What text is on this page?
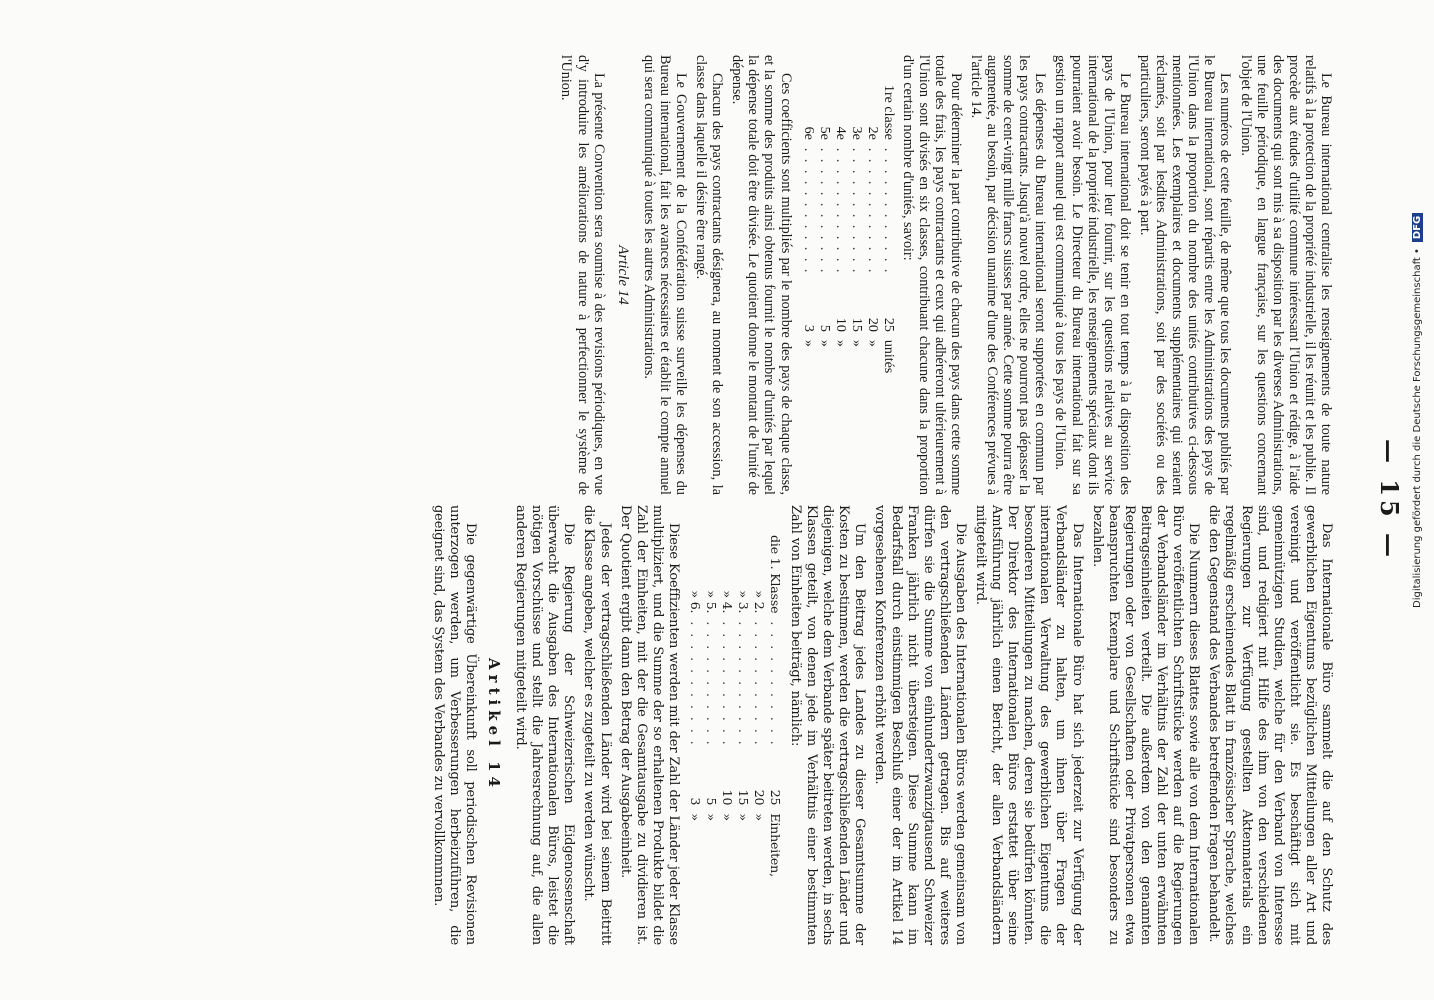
— 15 —

Le Bureau international centralise les renseignements de toute nature relatifs à la protection de la propriété industrielle, il les réunit et les publie. Il procède aux études d'utilité commune intéressant l'Union et rédige, à l'aide des documents qui sont mis à sa disposition par les diverses Administrations, une feuille périodique, en langue française, sur les questions concernant l'objet de l'Union.

Les numéros de cette feuille, de même que tous les documents publiés par le Bureau international, sont répartis entre les Administrations des pays de l'Union dans la proportion du nombre des unités contributives ci-dessous mentionnées. Les exemplaires et documents supplémentaires qui seraient réclamés, soit par lesdites Administrations, soit par des sociétés ou des particuliers, seront payés à part.

Le Bureau international doit se tenir en tout temps à la disposition des pays de l'Union, pour leur fournir, sur les questions relatives au service international de la propriété industrielle, les renseignements spéciaux dont ils pourraient avoir besoin. Le Directeur du Bureau international fait sur sa gestion un rapport annuel qui est communiqué à tous les pays de l'Union.

Les dépenses du Bureau international seront supportées en commun par les pays contractants. Jusqu'à nouvel ordre, elles ne pourront pas dépasser la somme de cent-vingt mille francs suisses par année. Cette somme pourra être augmentée, au besoin, par décision unanime d'une des Conférences prévues à l'article 14.

Pour déterminer la part contributive de chacun des pays dans cette somme totale des frais, les pays contractants et ceux qui adhéreront ultérieurement à l'Union sont divisés en six classes, contribuant chacune dans la proportion d'un certain nombre d'unités, savoir:

1re classe	. . . . . . . . . . . .	25	unités
2e	. . . . . . . . . . . .	20	»
3e	. . . . . . . . . . . .	15	»
4e	. . . . . . . . . . . .	10	»
5e	. . . . . . . . . . . .	5	»
6e	. . . . . . . . . . . .	3	»

Ces coefficients sont multipliés par le nombre des pays de chaque classe, et la somme des produits ainsi obtenus fournit le nombre d'unités par lequel la dépense totale doit être divisée. Le quotient donne le montant de l'unité de dépense.

Chacun des pays contractants désignera, au moment de son accession, la classe dans laquelle il désire être rangé.

Le Gouvernement de la Confédération suisse surveille les dépenses du Bureau international, fait les avances nécessaires et établit le compte annuel qui sera communiqué à toutes les autres Administrations.

Article 14

La présente Convention sera soumise à des revisions périodiques, en vue d'y introduire les améliorations de nature à perfectionner le système de l'Union.

Das Internationale Büro sammelt die auf den Schutz des gewerblichen Eigentums bezüglichen Mitteilungen aller Art und vereinigt und veröffentlicht sie. Es beschäftigt sich mit gemeinnützigen Studien, welche für den Verband von Interesse sind, und redigiert mit Hilfe des ihm von den verschiedenen Regierungen zur Verfügung gestellten Aktenmaterials ein regelmäßig erscheinendes Blatt in französischer Sprache, welches die den Gegenstand des Verbandes betreffenden Fragen behandelt.

Die Nummern dieses Blattes sowie alle von dem Internationalen Büro veröffentlichten Schriftstücke werden auf die Regierungen der Verbandsländer im Verhältnis der Zahl der unten erwähnten Beitragseinheiten verteilt. Die außerdem von den genannten Regierungen oder von Gesellschaften oder Privatpersonen etwa beanspruchten Exemplare und Schriftstücke sind besonders zu bezahlen.

Das Internationale Büro hat sich jederzeit zur Verfügung der Verbandsländer zu halten, um ihnen über Fragen der internationalen Verwaltung des gewerblichen Eigentums die besonderen Mitteilungen zu machen, deren sie bedürfen könnten. Der Direktor des Internationalen Büros erstattet über seine Amtsführung jährlich einen Bericht, der allen Verbandsländern mitgeteilt wird.

Die Ausgaben des Internationalen Büros werden gemeinsam von den vertragschließenden Ländern getragen. Bis auf weiteres dürfen sie die Summe von einhundertzwanzigtausend Schweizer Franken jährlich nicht übersteigen. Diese Summe kann im Bedarfsfall durch einstimmigen Beschluß einer der im Artikel 14 vorgesehenen Konferenzen erhöht werden.

Um den Beitrag jedes Landes zu dieser Gesamtsumme der Kosten zu bestimmen, werden die vertragschließenden Länder und diejenigen, welche dem Verbande später beitreten werden, in sechs Klassen geteilt, von denen jede im Verhältnis einer bestimmten Zahl von Einheiten beiträgt, nämlich:

die 1. Klasse	. . . . . . . . . . .	25	Einheiten,
» 2.	. . . . . . . . . . .	20	»
» 3.	. . . . . . . . . . .	15	»
» 4.	. . . . . . . . . . .	10	»
» 5.	. . . . . . . . . . .	5	»
» 6.	. . . . . . . . . . .	3	»

Diese Koeffizienten werden mit der Zahl der Länder jeder Klasse multipliziert, und die Summe der so erhaltenen Produkte bildet die Zahl der Einheiten, mit der die Gesamtausgabe zu dividieren ist. Der Quotient ergibt dann den Betrag der Ausgabeeinheit.

Jedes der vertragschließenden Länder wird bei seinem Beitritt die Klasse angeben, welcher es zugeteilt zu werden wünscht.

Die Regierung der Schweizerischen Eidgenossenschaft überwacht die Ausgaben des Internationalen Büros, leistet die nötigen Vorschüsse und stellt die Jahresrechnung auf, die allen anderen Regierungen mitgeteilt wird.

Artikel 14

Die gegenwärtige Übereinkunft soll periodischen Revisionen unterzogen werden, um Verbesserungen herbeizuführen, die geeignet sind, das System des Verbandes zu vervollkommnen.

Digitalisierung gefördert durch die Deutsche Forschungsgemeinschaft •DFG
